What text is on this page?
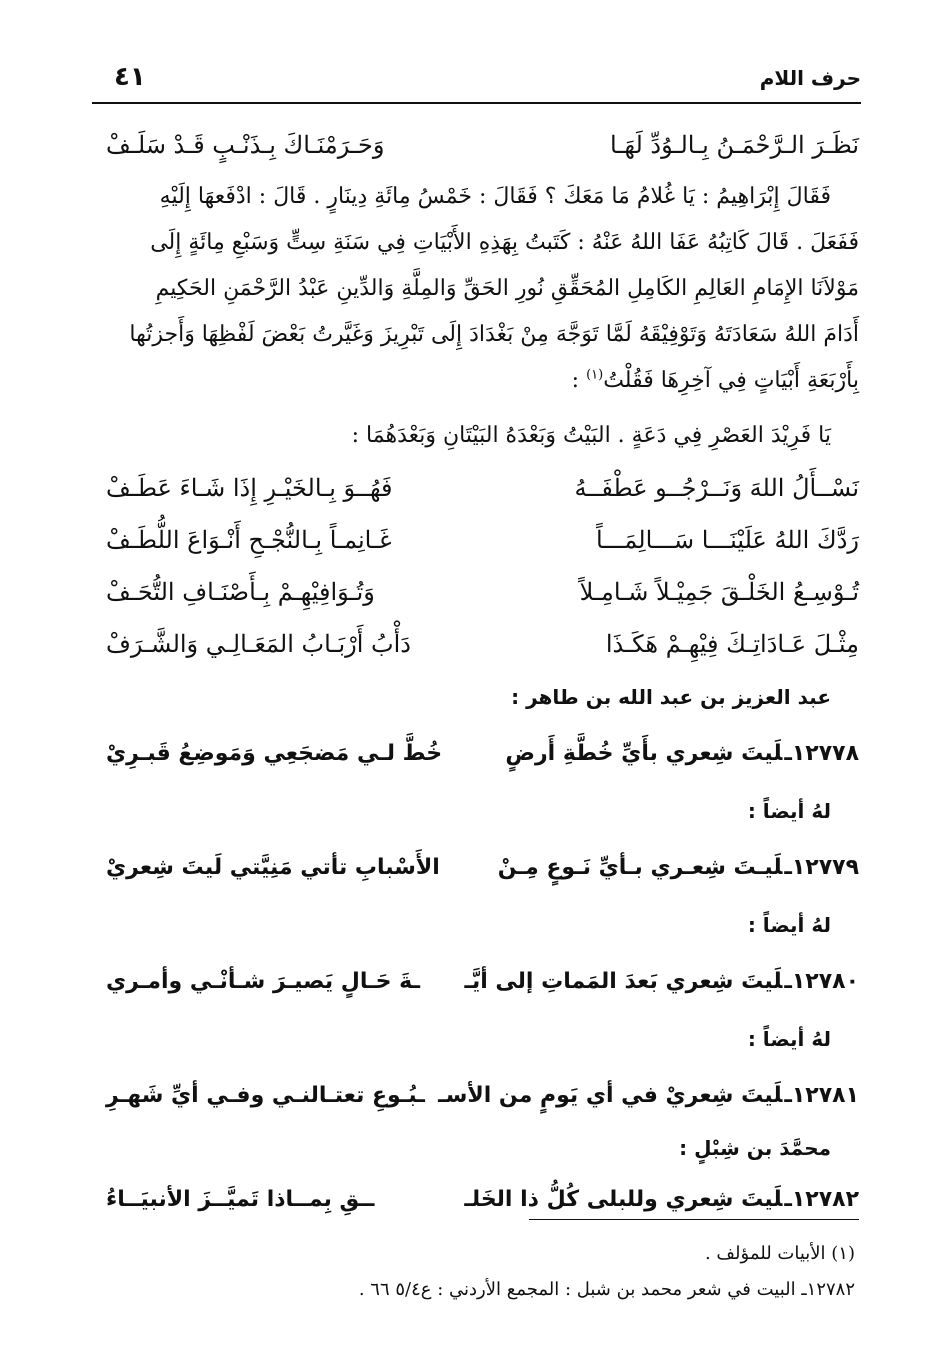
حرف اللام
٤١
نَظَـرَ الـرَّحْمَـنُ بِـالـوُدِّ لَهَـا
وَحَـرَمْنَـاكَ بِـذَنْـبٍ قَـدْ سَلَـفْ
فَقَالَ إِبْرَاهِيمُ : يَا غُلامُ مَا مَعَكَ ؟ فَقَالَ : خَمْسُ مِائَةِ دِينَارٍ . قَالَ : ادْفَعهَا إِلَيْهِ
فَفَعَلَ . قَالَ كَاتِبُهُ عَفَا اللهُ عَنْهُ : كَتَبتُ بِهَذِهِ الأَبْيَاتِ فِي سَنَةِ سِتٍّ وَسَبْعِ مِائَةٍ إِلَى
مَوْلاَنَا الإِمَامِ العَالِمِ الكَامِلِ المُحَقِّقِ نُورِ الحَقِّ وَالمِلَّةِ وَالدِّينِ عَبْدُ الرَّحْمَنِ الحَكِيمِ
أَدَامَ اللهُ سَعَادَتَهُ وَتَوْفِيْقَهُ لَمَّا تَوَجَّهَ مِنْ بَغْدَادَ إِلَى تَبْرِيزَ وَغَيَّرتُ بَعْضَ لَفْظِهَا وَأَجزتُها
بِأَرْبَعَةِ أَبْيَاتٍ فِي آخِرِهَا فَقُلْتُ$^{(١)}$ :
يَا فَرِيْدَ العَصْرِ فِي دَعَةٍ . البَيْتُ وَبَعْدَهُ البَيْتَانِ وَبَعْدَهُمَا :
نَسْــأَلُ اللهَ وَنَــرْجُــو عَطْفَــهُ
فَهُــوَ بِـالخَيْـرِ إِذَا شَـاءَ عَطَـفْ
رَدَّكَ اللهُ عَلَيْنَـــا سَـــالِمَـــاً
غَـانِمـاً بِـالنُّجْـحِ أَنْـوَاعَ اللُّطَـفْ
تُـوْسِـعُ الخَلْـقَ جَمِيْـلاً شَـامِـلاً
وَتُـوَافِيْهِـمْ بِـأَصْنَـافِ التُّحَـفْ
مِثْـلَ عَـادَاتِـكَ فِيْهِـمْ هَكَـذَا
دَأْبُ أَرْبَـابُ المَعَـالِـي وَالشَّـرَفْ
عبد العزيز بن عبد الله بن طاهر :
١٢٧٧٨ـلَيتَ شِعري بأَيِّ خُطَّةِ أَرضٍ
خُطَّ لـي مَضجَعِي وَمَوضِعُ قَبـرِيْ
لهُ أيضاً :
١٢٧٧٩ـلَيـتَ شِعـري بـأيِّ نَـوعٍ مِـنْ
الأَسْبابِ تأتي مَنِيَّتي لَيتَ شِعريْ
لهُ أيضاً :
١٢٧٨٠ـلَيتَ شِعري بَعدَ المَماتِ إلى أيَّـ
ـةَ حَـالٍ يَصيـرَ شـأنْـي وأمـري
لهُ أيضاً :
١٢٧٨١ـلَيتَ شِعريْ في أي يَومٍ من الأسـ
ـبُـوعِ تعتـالنـي وفـي أيِّ شَهـرِ
محمَّدَ بن شِبْلٍ :
١٢٧٨٢ـلَيتَ شِعري وللبلى كُلُّ ذا الخَلـ
ــقِ بِمــاذا تَميَّــزَ الأنبيَــاءُ
(١) الأبيات للمؤلف .
١٢٧٨٢ـ البيت في شعر محمد بن شبل : المجمع الأردني : ع٥/٤ ٦٦ .
